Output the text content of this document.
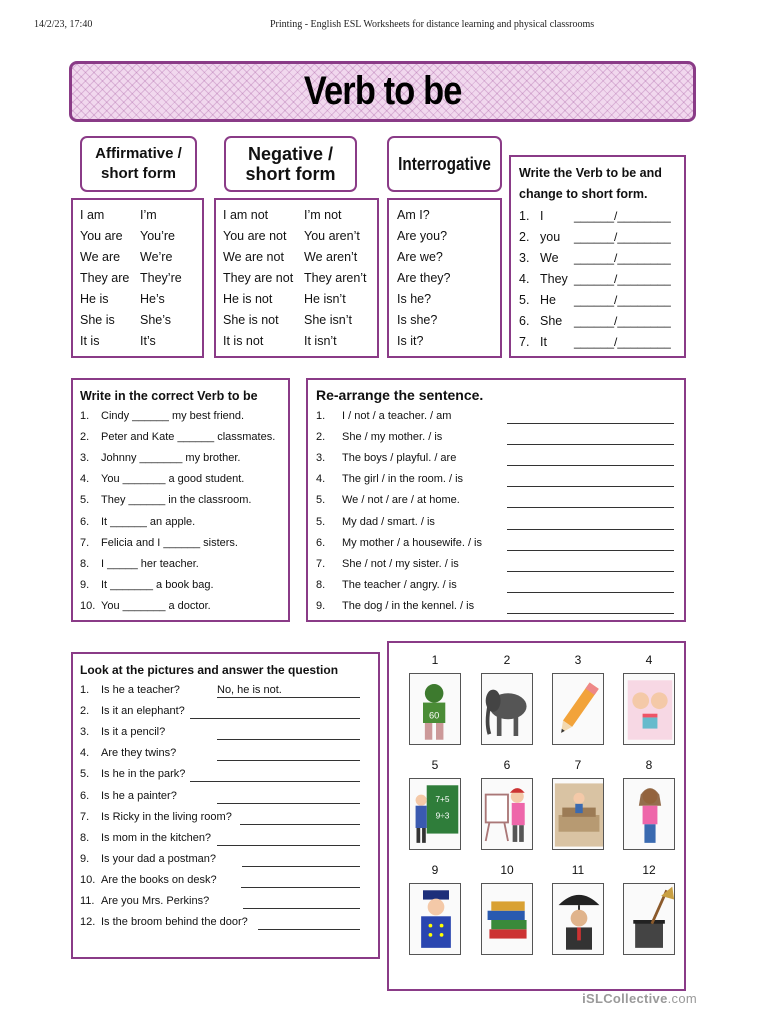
14/2/23, 17:40	Printing - English ESL Worksheets for distance learning and physical classrooms
Verb to be
Affirmative /
short form
Negative /
short form	Interrogative
I am	I’m
You are You’re
We are We’re
They are They’re
He is	He’s
She is She’s
It is	It’s
I am not	I’m not
You are not You aren’t
We are not We aren’t
They are not They aren’t
He is not	He isn’t
She is not She isn’t
It is not	It isn’t
Am I?
Are you?
Are we?
Are they?
Is he?
Is she?
Is it?
Write the Verb to be and
change to short form.
1. I	______/________
2. you ______/________
3. We ______/________
4. They ______/________
5. He ______/________
6. She ______/________
7. It ______/________
Write in the correct Verb to be
1. Cindy ______ my best friend.
2. Peter and Kate ______ classmates.
3. Johnny _______ my brother.
4. You _______ a good student.
5. They ______ in the classroom.
6. It ______ an apple.
7. Felicia and I ______ sisters.
8. I _____ her teacher.
9. It _______ a book bag.
10. You _______ a doctor.
Re-arrange the sentence.
1. I / not / a teacher. / am
2. She / my mother. / is
3. The boys / playful. / are
4. The girl / in the room. / is
5. We / not / are / at home.
5. My dad / smart. / is
6. My mother / a housewife. / is
7. She / not / my sister. / is
8. The teacher / angry. / is
9. The dog / in the kennel. / is
Look at the pictures and answer the question
1. Is he a teacher?	No, he is not.
2. Is it an elephant?
3. Is it a pencil?
4. Are they twins?
5. Is he in the park?
6. Is he a painter?
7. Is Ricky in the living room?
8. Is mom in the kitchen?
9. Is your dad a postman?
10. Are the books on desk?
11. Are you Mrs. Perkins?
12. Is the broom behind the door?
1
60
2	3	4
5
7+5
9÷3
6	7	8
9	10	11	12
iSLCollective.com
